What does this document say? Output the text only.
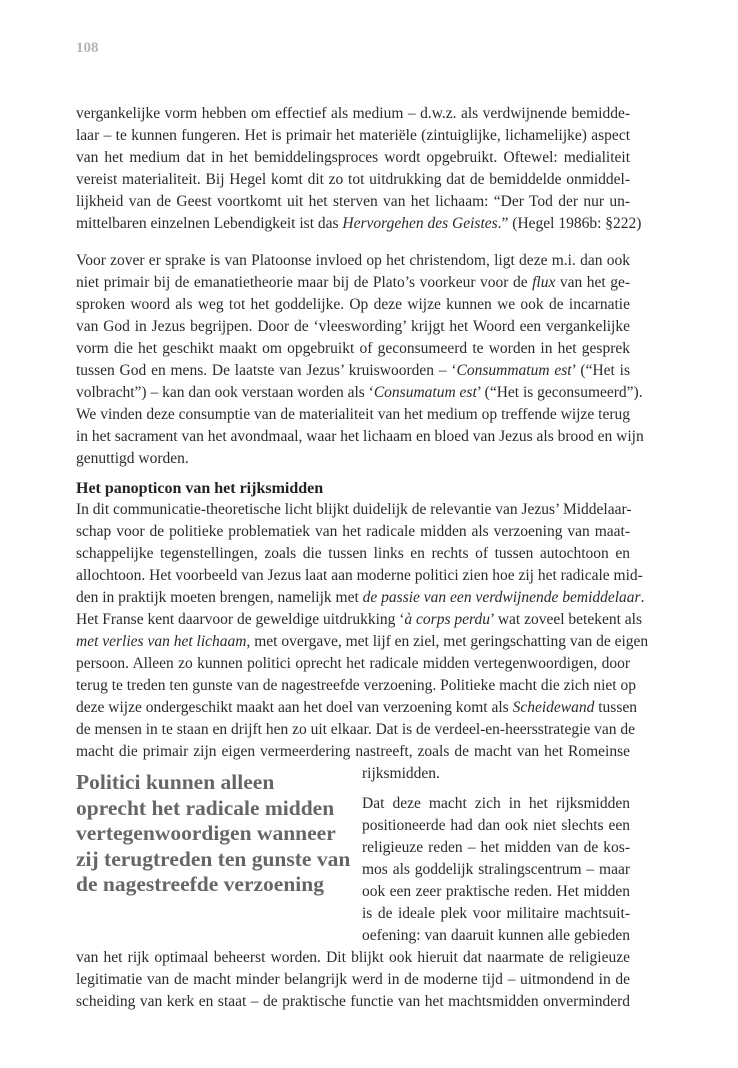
108
vergankelijke vorm hebben om effectief als medium – d.w.z. als verdwijnende bemidde-
laar – te kunnen fungeren. Het is primair het materiële (zintuiglijke, lichamelijke) aspect
van het medium dat in het bemiddelingsproces wordt opgebruikt. Oftewel: medialiteit
vereist materialiteit. Bij Hegel komt dit zo tot uitdrukking dat de bemiddelde onmiddel-
lijkheid van de Geest voortkomt uit het sterven van het lichaam: “Der Tod der nur un-
mittelbaren einzelnen Lebendigkeit ist das Hervorgehen des Geistes.” (Hegel 1986b: §222)
Voor zover er sprake is van Platoonse invloed op het christendom, ligt deze m.i. dan ook
niet primair bij de emanatietheorie maar bij de Plato’s voorkeur voor de flux van het ge-
sproken woord als weg tot het goddelijke. Op deze wijze kunnen we ook de incarnatie
van God in Jezus begrijpen. Door de ‘vleeswording’ krijgt het Woord een vergankelijke
vorm die het geschikt maakt om opgebruikt of geconsumeerd te worden in het gesprek
tussen God en mens. De laatste van Jezus’ kruiswoorden – ‘Consummatum est’ (“Het is
volbracht”) – kan dan ook verstaan worden als ‘Consumatum est’ (“Het is geconsumeerd”).
We vinden deze consumptie van de materialiteit van het medium op treffende wijze terug
in het sacrament van het avondmaal, waar het lichaam en bloed van Jezus als brood en wijn
genuttigd worden.
Het panopticon van het rijksmidden
In dit communicatie-theoretische licht blijkt duidelijk de relevantie van Jezus’ Middelaar-
schap voor de politieke problematiek van het radicale midden als verzoening van maat-
schappelijke tegenstellingen, zoals die tussen links en rechts of tussen autochtoon en
allochtoon. Het voorbeeld van Jezus laat aan moderne politici zien hoe zij het radicale mid-
den in praktijk moeten brengen, namelijk met de passie van een verdwijnende bemiddelaar.
Het Franse kent daarvoor de geweldige uitdrukking ‘à corps perdu’ wat zoveel betekent als
met verlies van het lichaam, met overgave, met lijf en ziel, met geringschatting van de eigen
persoon. Alleen zo kunnen politici oprecht het radicale midden vertegenwoordigen, door
terug te treden ten gunste van de nagestreefde verzoening. Politieke macht die zich niet op
deze wijze ondergeschikt maakt aan het doel van verzoening komt als Scheidewand tussen
de mensen in te staan en drijft hen zo uit elkaar. Dat is de verdeel-en-heersstrategie van de
macht die primair zijn eigen vermeerdering nastreeft, zoals de macht van het Romeinse
rijksmidden.
Politici kunnen alleen
oprecht het radicale midden
vertegenwoordigen wanneer
zij terugtreden ten gunste van
de nagestreefde verzoening
Dat deze macht zich in het rijksmidden
positioneerde had dan ook niet slechts een
religieuze reden – het midden van de kos-
mos als goddelijk stralingscentrum – maar
ook een zeer praktische reden. Het midden
is de ideale plek voor militaire machtsuit-
oefening: van daaruit kunnen alle gebieden
van het rijk optimaal beheerst worden. Dit blijkt ook hieruit dat naarmate de religieuze
legitimatie van de macht minder belangrijk werd in de moderne tijd – uitmondend in de
scheiding van kerk en staat – de praktische functie van het machtsmidden onverminderd
